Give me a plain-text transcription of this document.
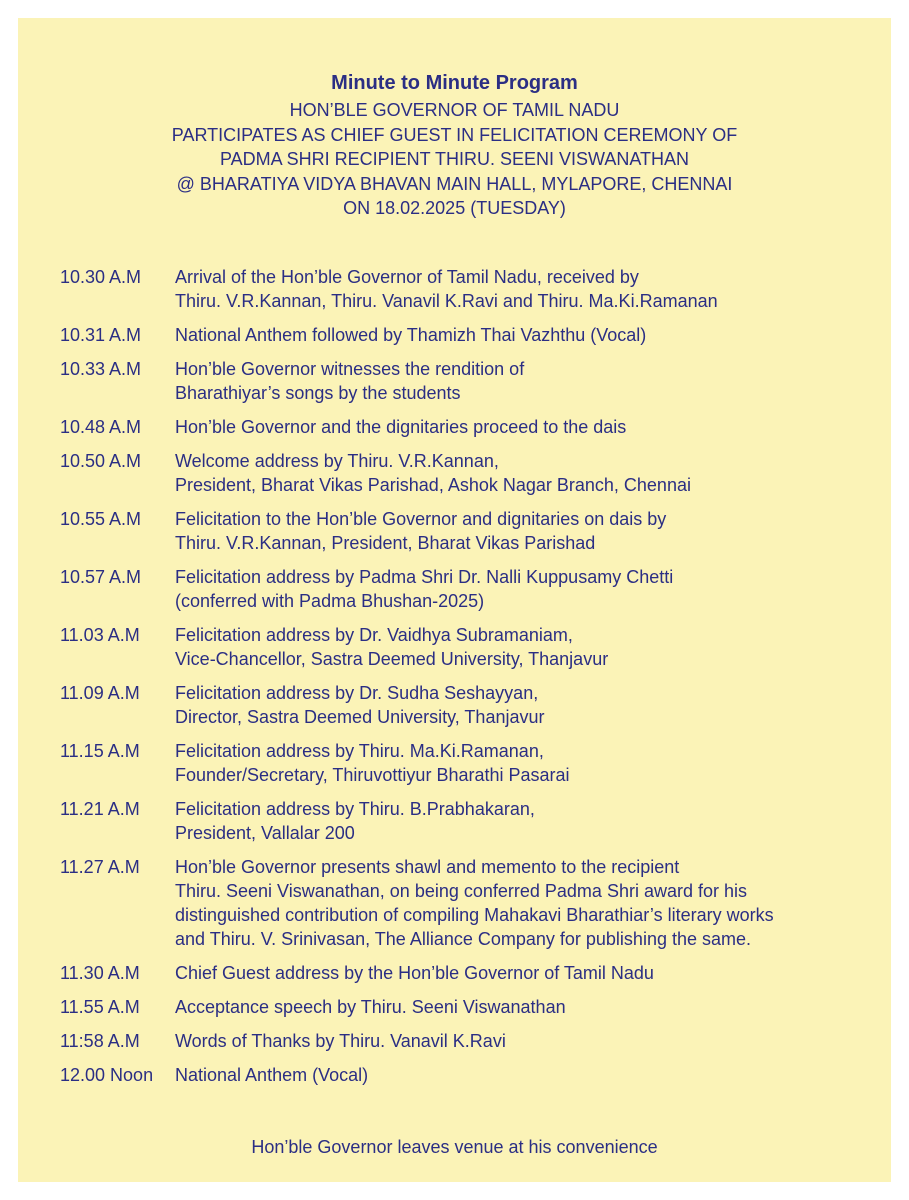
Minute to Minute Program
HON’BLE GOVERNOR OF TAMIL NADU
PARTICIPATES AS CHIEF GUEST IN FELICITATION CEREMONY OF
PADMA SHRI RECIPIENT THIRU. SEENI VISWANATHAN
@ BHARATIYA VIDYA BHAVAN MAIN HALL, MYLAPORE, CHENNAI
ON 18.02.2025 (TUESDAY)
10.30 A.M	Arrival of the Hon’ble Governor of Tamil Nadu, received by
Thiru. V.R.Kannan, Thiru. Vanavil K.Ravi and Thiru. Ma.Ki.Ramanan
10.31 A.M	National Anthem followed by Thamizh Thai Vazhthu (Vocal)
10.33 A.M	Hon’ble Governor witnesses the rendition of
Bharathiyar’s songs by the students
10.48 A.M	Hon’ble Governor and the dignitaries proceed to the dais
10.50 A.M	Welcome address by Thiru. V.R.Kannan,
President, Bharat Vikas Parishad, Ashok Nagar Branch, Chennai
10.55 A.M	Felicitation to the Hon’ble Governor and dignitaries on dais by
Thiru. V.R.Kannan, President, Bharat Vikas Parishad
10.57 A.M	Felicitation address by Padma Shri Dr. Nalli Kuppusamy Chetti
(conferred with Padma Bhushan-2025)
11.03 A.M	Felicitation address by Dr. Vaidhya Subramaniam,
Vice-Chancellor, Sastra Deemed University, Thanjavur
11.09 A.M	Felicitation address by Dr. Sudha Seshayyan,
Director, Sastra Deemed University, Thanjavur
11.15 A.M	Felicitation address by Thiru. Ma.Ki.Ramanan,
Founder/Secretary, Thiruvottiyur Bharathi Pasarai
11.21 A.M	Felicitation address by Thiru. B.Prabhakaran,
President, Vallalar 200
11.27 A.M	Hon’ble Governor presents shawl and memento to the recipient
Thiru. Seeni Viswanathan, on being conferred Padma Shri award for his
distinguished contribution of compiling Mahakavi Bharathiar’s literary works
and Thiru. V. Srinivasan, The Alliance Company for publishing the same.
11.30 A.M	Chief Guest address by the Hon’ble Governor of Tamil Nadu
11.55 A.M	Acceptance speech by Thiru. Seeni Viswanathan
11:58 A.M	Words of Thanks by Thiru. Vanavil K.Ravi
12.00 Noon	National Anthem (Vocal)
Hon’ble Governor leaves venue at his convenience
